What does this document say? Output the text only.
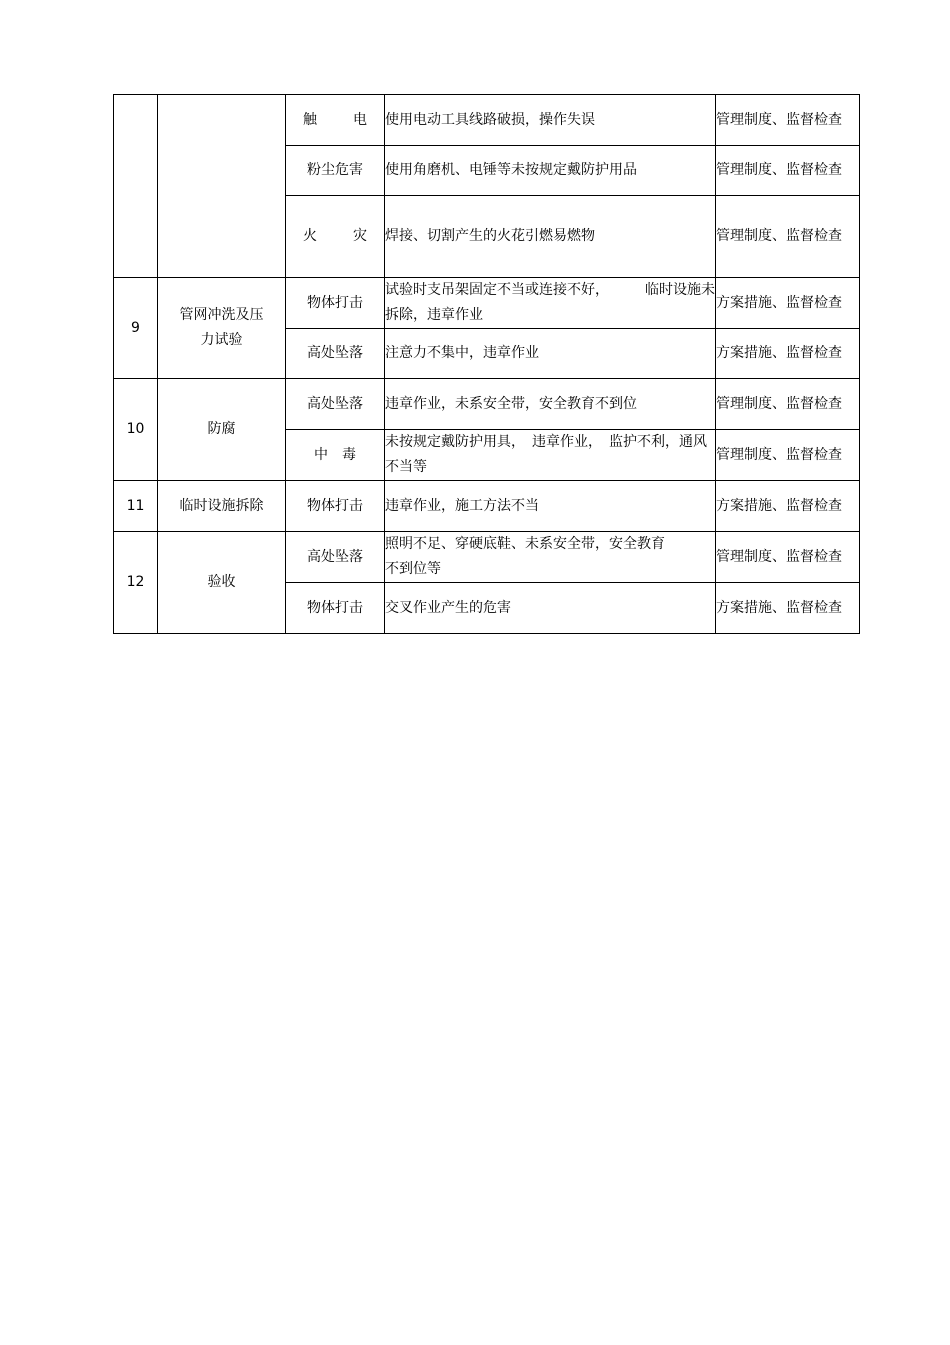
		触 电	使用电动工具线路破损，操作失误	管理制度、监督检查
		粉尘危害	使用角磨机、电锤等未按规定戴防护用品	管理制度、监督检查

		火 灾	焊接、切割产生的火花引燃易燃物	管理制度、监督检查
9	管网冲洗及压力试验	物体打击	试验时支吊架固定不当或连接不好， 临时设施未拆除，违章作业	方案措施、监督检查
		高处坠落	注意力不集中，违章作业	方案措施、监督检查
10	防腐	高处坠落	违章作业，未系安全带，安全教育不到位	管理制度、监督检查

		中 毒	未按规定戴防护用具，　违章作业，　监护不利，通风不当等	管理制度、监督检查
11	临时设施拆除	物体打击	违章作业，施工方法不当	方案措施、监督检查
12	验收	高处坠落	照明不足、穿硬底鞋、未系安全带，安全教育不到位等	管理制度、监督检查
		物体打击	交叉作业产生的危害	方案措施、监督检查
